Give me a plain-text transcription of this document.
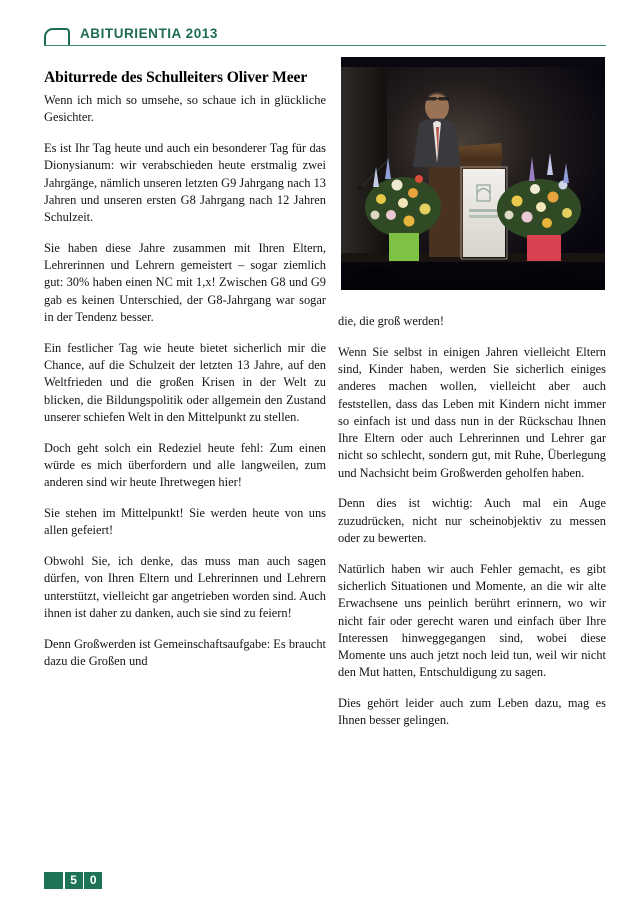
ABITURIENTIA 2013
Abiturrede des Schulleiters Oliver Meer

Wenn ich mich so umsehe, so schaue ich in glückliche Gesichter.

Es ist Ihr Tag heute und auch ein besonderer Tag für das Dionysianum: wir verabschieden heute erstmalig zwei Jahrgänge, nämlich unseren letzten G9 Jahrgang nach 13 Jahren und unseren ersten G8 Jahrgang nach 12 Jahren Schulzeit.

Sie haben diese Jahre zusammen mit Ihren Eltern, Lehrerinnen und Lehrern gemeistert – sogar ziemlich gut: 30% haben einen NC mit 1,x! Zwischen G8 und G9 gab es keinen Unterschied, der G8-Jahrgang war sogar in der Tendenz besser.

Ein festlicher Tag wie heute bietet sicherlich mir die Chance, auf die Schulzeit der letzten 13 Jahre, auf den Weltfrieden und die großen Krisen in der Welt zu blicken, die Bildungspolitik oder allgemein den Zustand unserer schiefen Welt in den Mittelpunkt zu stellen.

Doch geht solch ein Redeziel heute fehl: Zum einen würde es mich überfordern und alle langweilen, zum anderen sind wir heute Ihretwegen hier!

Sie stehen im Mittelpunkt! Sie werden heute von uns allen gefeiert!

Obwohl Sie, ich denke, das muss man auch sagen dürfen, von Ihren Eltern und Lehrerinnen und Lehrern unterstützt, vielleicht gar angetrieben worden sind. Auch ihnen ist daher zu danken, auch sie sind zu feiern!

Denn Großwerden ist Gemeinschaftsaufgabe: Es braucht dazu die Großen und

die, die groß werden!

Wenn Sie selbst in einigen Jahren vielleicht Eltern sind, Kinder haben, werden Sie sicherlich einiges anderes machen wollen, vielleicht aber auch feststellen, dass das Leben mit Kindern nicht immer so einfach ist und dass nun in der Rückschau Ihnen Ihre Eltern oder auch Lehrerinnen und Lehrer gar nicht so schlecht, sondern gut, mit Ruhe, Überlegung und Nachsicht beim Großwerden geholfen haben.

Denn dies ist wichtig: Auch mal ein Auge zuzudrücken, nicht nur scheinobjektiv zu messen oder zu bewerten.

Natürlich haben wir auch Fehler gemacht, es gibt sicherlich Situationen und Momente, an die wir alte Erwachsene uns peinlich berührt erinnern, wo wir nicht fair oder gerecht waren und einfach über Ihre Interessen hinweggegangen sind, wobei diese Momente uns auch jetzt noch leid tun, weil wir nicht den Mut hatten, Entschuldigung zu sagen.

Dies gehört leider auch zum Leben dazu, mag es Ihnen besser gelingen.

5	0
